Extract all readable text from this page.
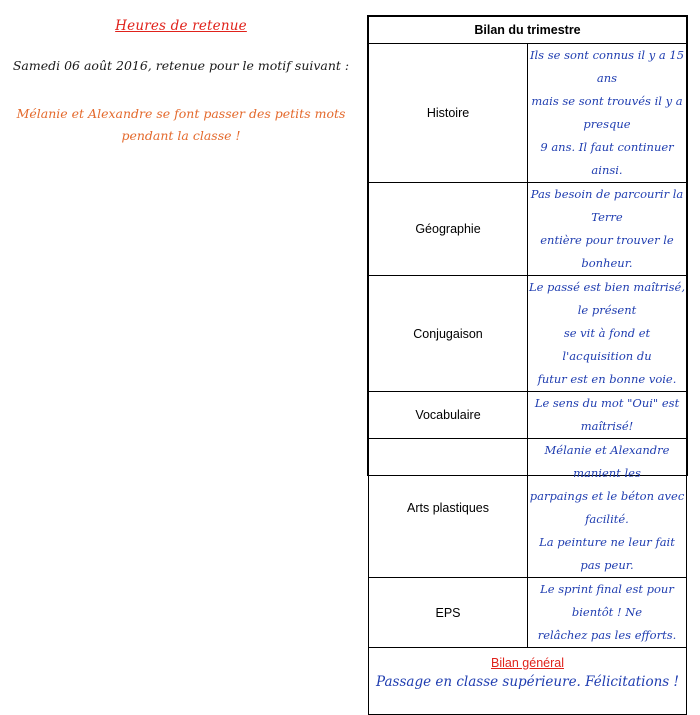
Heures de retenue
Samedi 06 août 2016, retenue pour le motif suivant :
Mélanie et Alexandre se font passer des petits mots
pendant la classe !
Bilan du trimestre	
Histoire	Ils se sont connus il y a 15 ans
mais se sont trouvés il y a presque
9 ans. Il faut continuer ainsi.

Géographie	Pas besoin de parcourir la Terre
entière pour trouver le bonheur.

Conjugaison	Le passé est bien maîtrisé, le présent
se vit à fond et l'acquisition du
futur est en bonne voie.

Vocabulaire	Le sens du mot "Oui" est maîtrisé!

Arts plastiques	Mélanie et Alexandre manient les
parpaings et le béton avec facilité.
La peinture ne leur fait pas peur.

EPS	Le sprint final est pour bientôt ! Ne
relâchez pas les efforts.

Bilan général
Passage en classe supérieure. Félicitations !	
